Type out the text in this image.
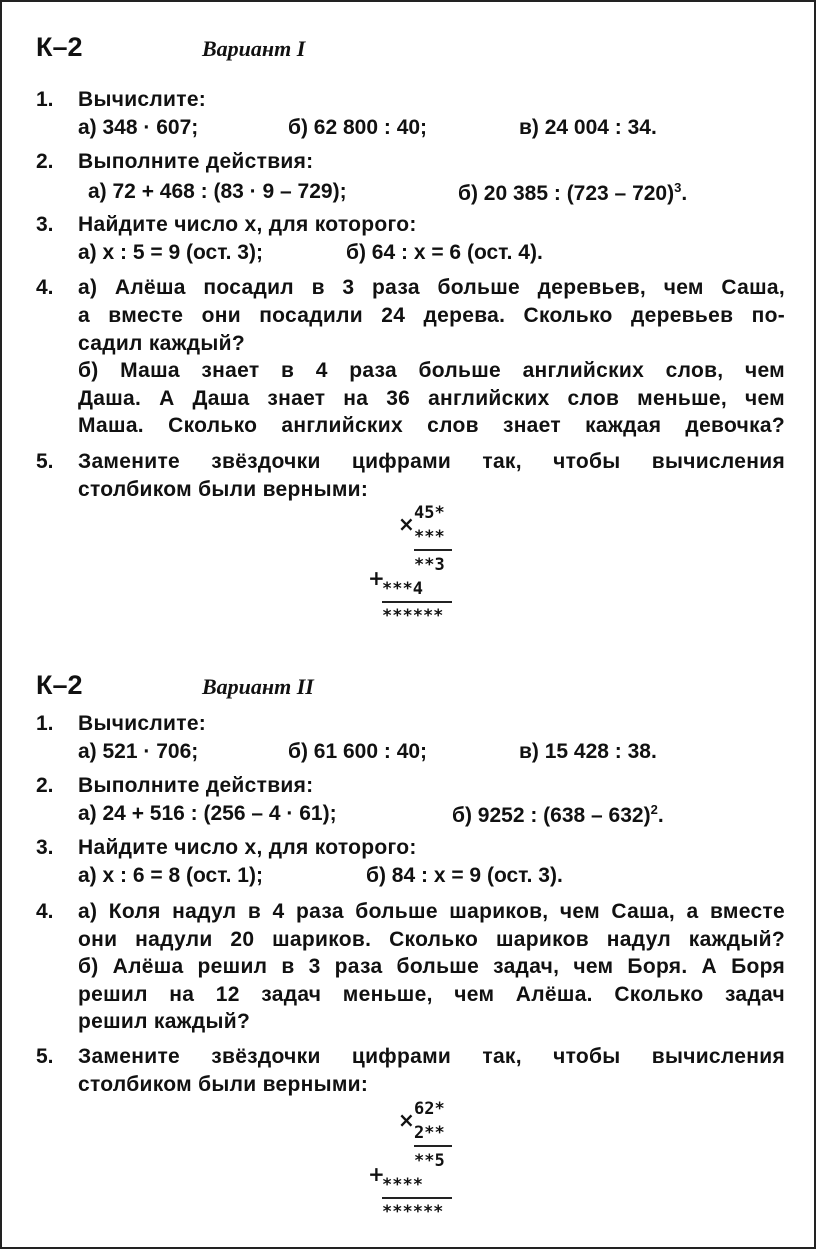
К–2	Вариант I
1. Вычислите:
а) 348 · 607;	б) 62 800 : 40;	в) 24 004 : 34.
2. Выполните действия:
а) 72 + 468 : (83 · 9 – 729);	б) 20 385 : (723 – 720)$^3$.
3. Найдите число x, для которого:
а) x : 5 = 9 (ост. 3);	б) 64 : x = 6 (ост. 4).
4. а) Алёша посадил в 3 раза больше деревьев, чем Саша,
а вместе они посадили 24 дерева. Сколько деревьев по-
садил каждый?
б) Маша знает в 4 раза больше английских слов, чем
Даша. А Даша знает на 36 английских слов меньше, чем
Маша. Сколько английских слов знает каждая девочка?
5. Замените звёздочки цифрами так, чтобы вычисления
столбиком были верными:
× 45*
***
**3
+
***4
******
К–2	Вариант II
1. Вычислите:
а) 521 · 706;	б) 61 600 : 40;	в) 15 428 : 38.
2. Выполните действия:
а) 24 + 516 : (256 – 4 · 61);	б) 9252 : (638 – 632)$^2$.
3. Найдите число x, для которого:
а) x : 6 = 8 (ост. 1);	б) 84 : x = 9 (ост. 3).
4. а) Коля надул в 4 раза больше шариков, чем Саша, а вместе
они надули 20 шариков. Сколько шариков надул каждый?
б) Алёша решил в 3 раза больше задач, чем Боря. А Боря
решил на 12 задач меньше, чем Алёша. Сколько задач
решил каждый?
5. Замените звёздочки цифрами так, чтобы вычисления
столбиком были верными:
× 62*
2**
**5
+
****
******
